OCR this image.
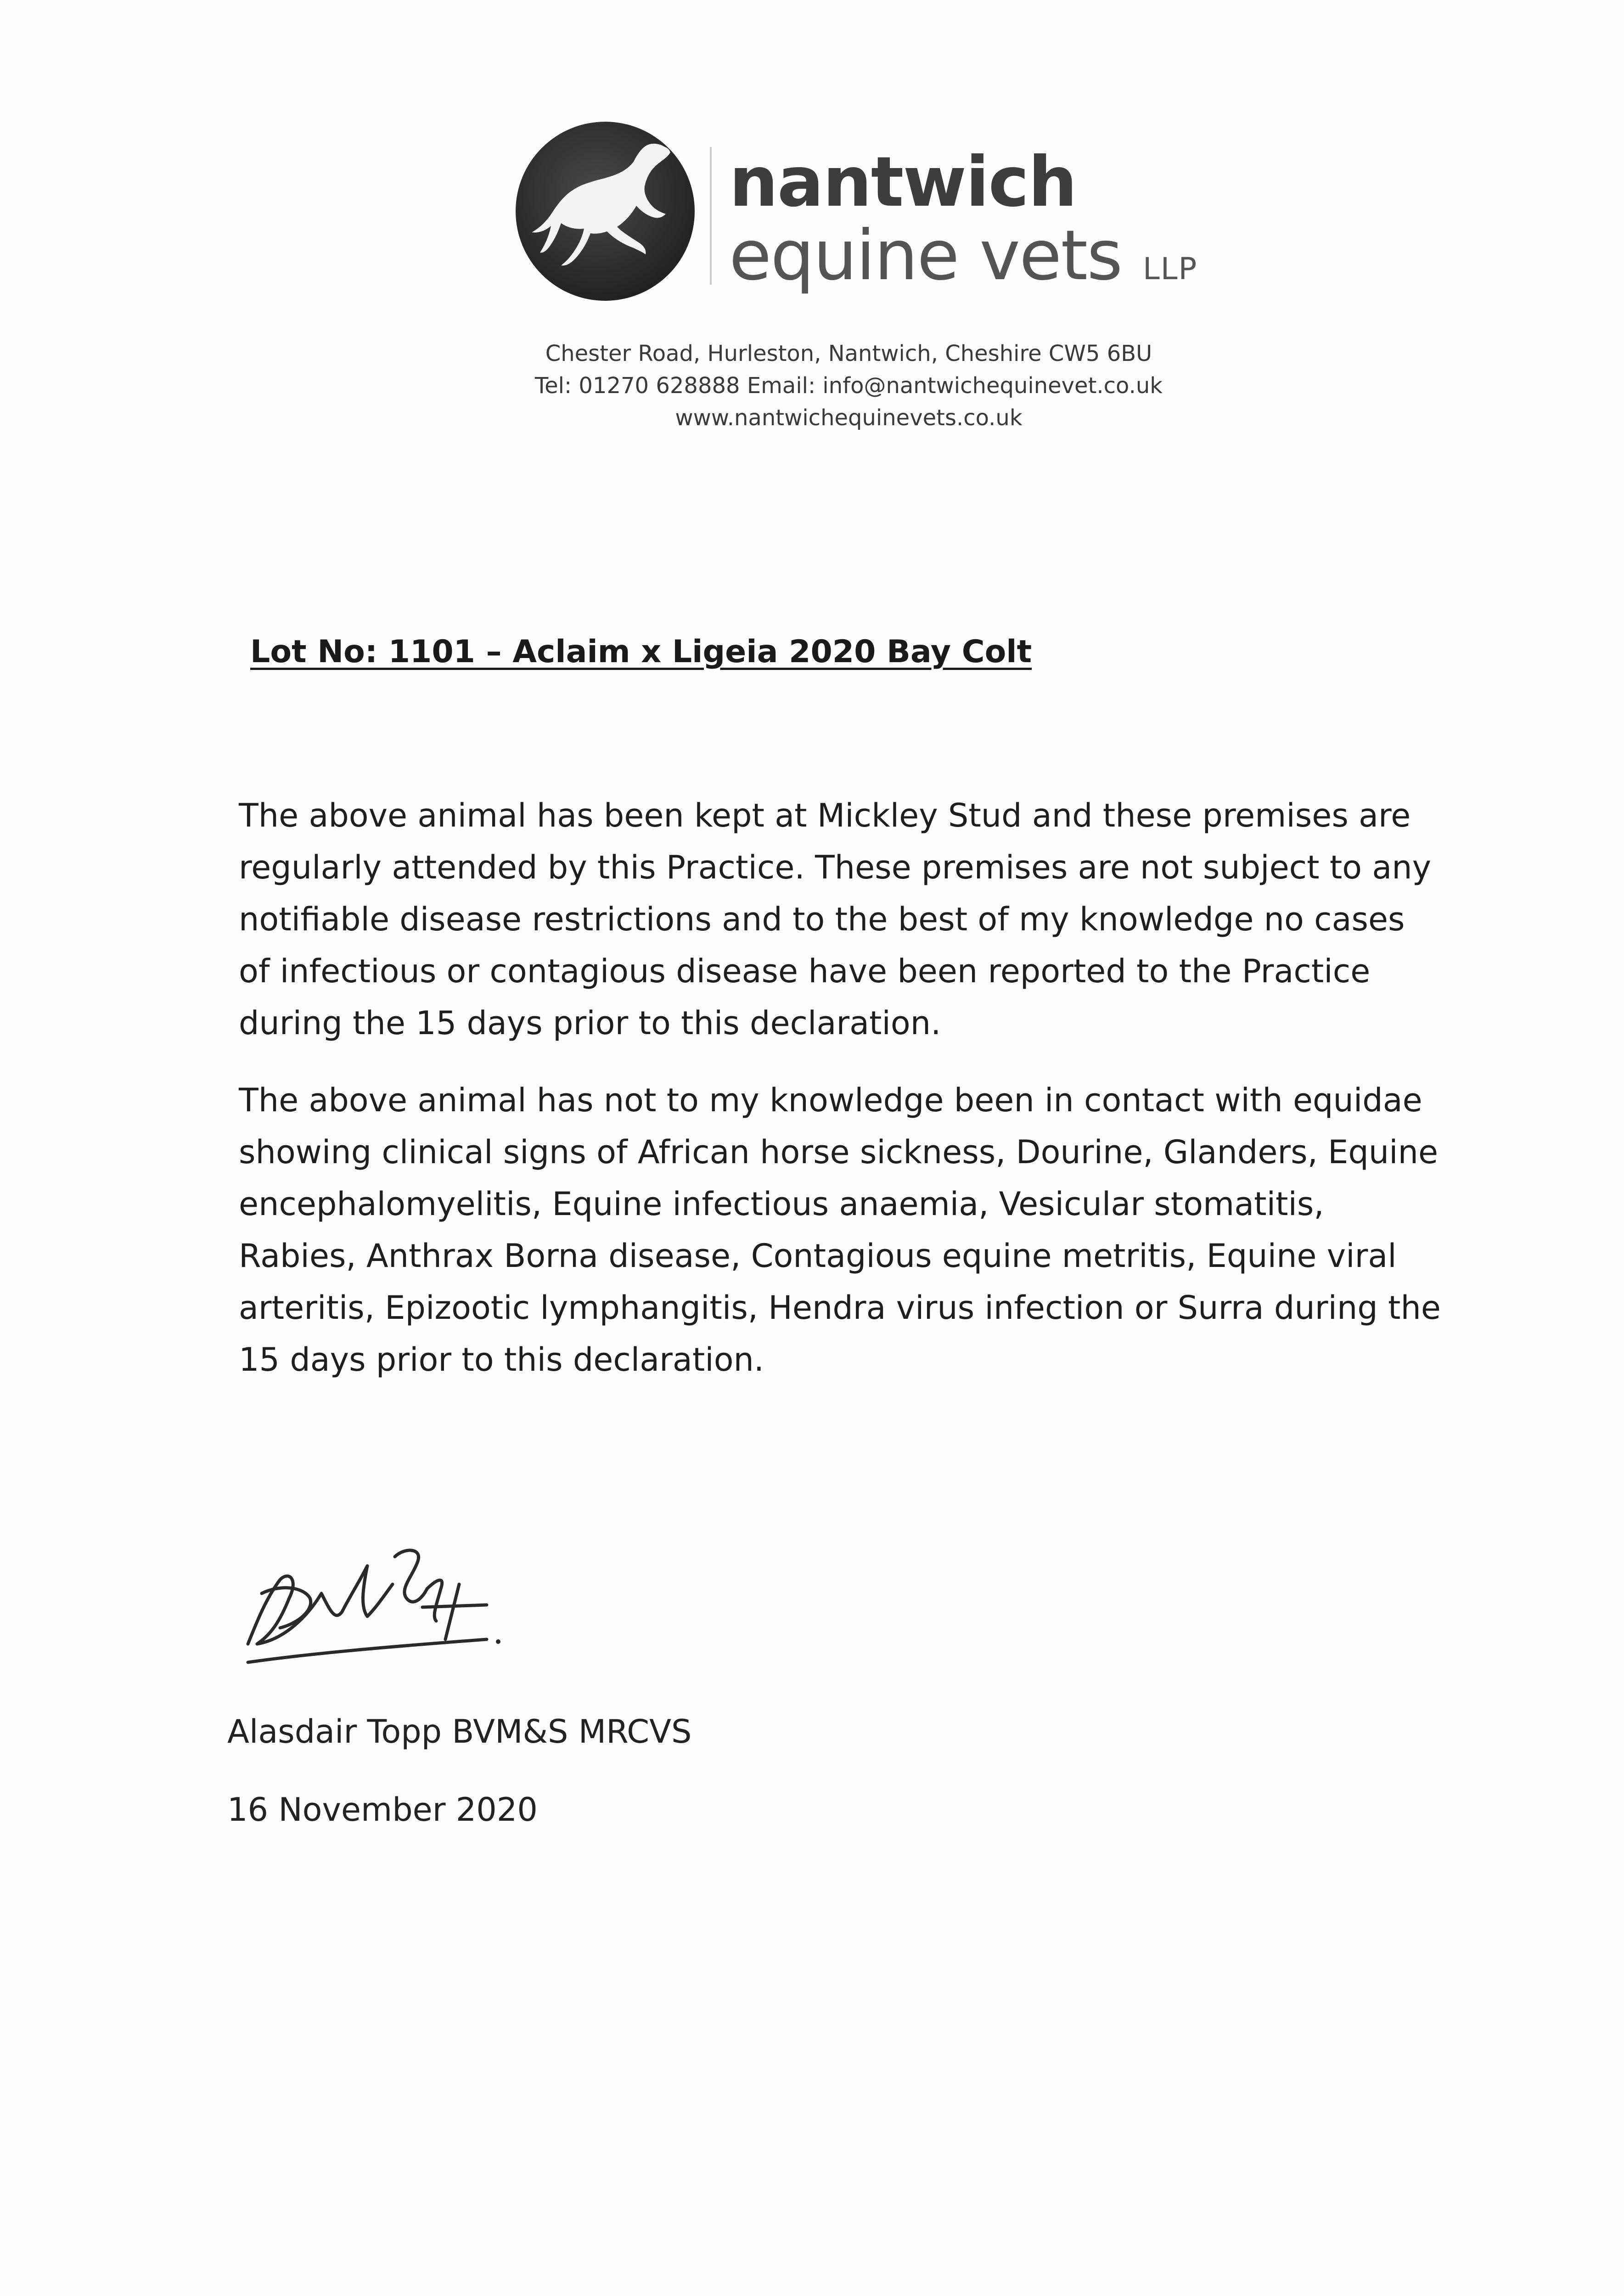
nantwich
equine vets LLP
Chester Road, Hurleston, Nantwich, Cheshire CW5 6BU
Tel: 01270 628888 Email: info@nantwichequinevet.co.uk
www.nantwichequinevets.co.uk
Lot No: 1101 – Aclaim x Ligeia 2020 Bay Colt
The above animal has been kept at Mickley Stud and these premises are regularly attended by this Practice. These premises are not subject to any notifiable disease restrictions and to the best of my knowledge no cases of infectious or contagious disease have been reported to the Practice during the 15 days prior to this declaration.
The above animal has not to my knowledge been in contact with equidae showing clinical signs of African horse sickness, Dourine, Glanders, Equine encephalomyelitis, Equine infectious anaemia, Vesicular stomatitis, Rabies, Anthrax Borna disease, Contagious equine metritis, Equine viral arteritis, Epizootic lymphangitis, Hendra virus infection or Surra during the 15 days prior to this declaration.
Alasdair Topp BVM&S MRCVS
16 November 2020
